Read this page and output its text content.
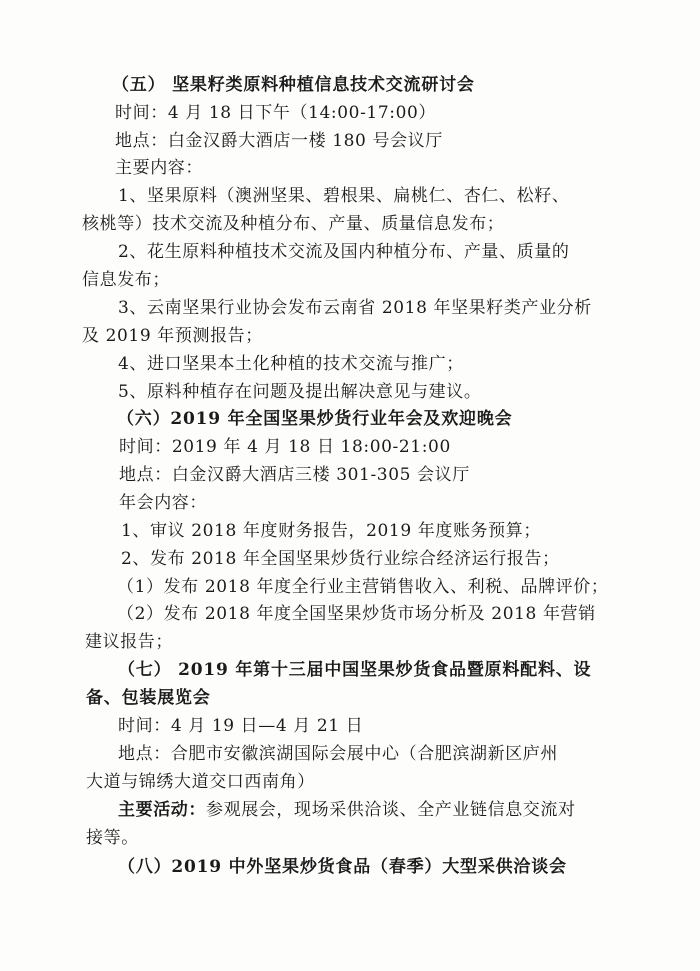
（五） 坚果籽类原料种植信息技术交流研讨会
时间：4 月 18 日下午（14:00-17:00）
地点：白金汉爵大酒店一楼 180 号会议厅
主要内容：
1、坚果原料（澳洲坚果、碧根果、扁桃仁、杏仁、松籽、
核桃等）技术交流及种植分布、产量、质量信息发布；
2、花生原料种植技术交流及国内种植分布、产量、质量的
信息发布；
3、云南坚果行业协会发布云南省 2018 年坚果籽类产业分析
及 2019 年预测报告；
4、进口坚果本土化种植的技术交流与推广；
5、原料种植存在问题及提出解决意见与建议。
（六）2019 年全国坚果炒货行业年会及欢迎晚会
时间：2019 年 4 月 18 日 18:00-21:00
地点：白金汉爵大酒店三楼 301-305 会议厅
年会内容：
1、审议 2018 年度财务报告，2019 年度账务预算；
2、发布 2018 年全国坚果炒货行业综合经济运行报告；
（1）发布 2018 年度全行业主营销售收入、利税、品牌评价；
（2）发布 2018 年度全国坚果炒货市场分析及 2018 年营销
建议报告；
（七） 2019 年第十三届中国坚果炒货食品暨原料配料、设
备、包装展览会
时间：4 月 19 日—4 月 21 日
地点：合肥市安徽滨湖国际会展中心（合肥滨湖新区庐州
大道与锦绣大道交口西南角）
主要活动：参观展会，现场采供洽谈、全产业链信息交流对
接等。
（八）2019 中外坚果炒货食品（春季）大型采供洽谈会
